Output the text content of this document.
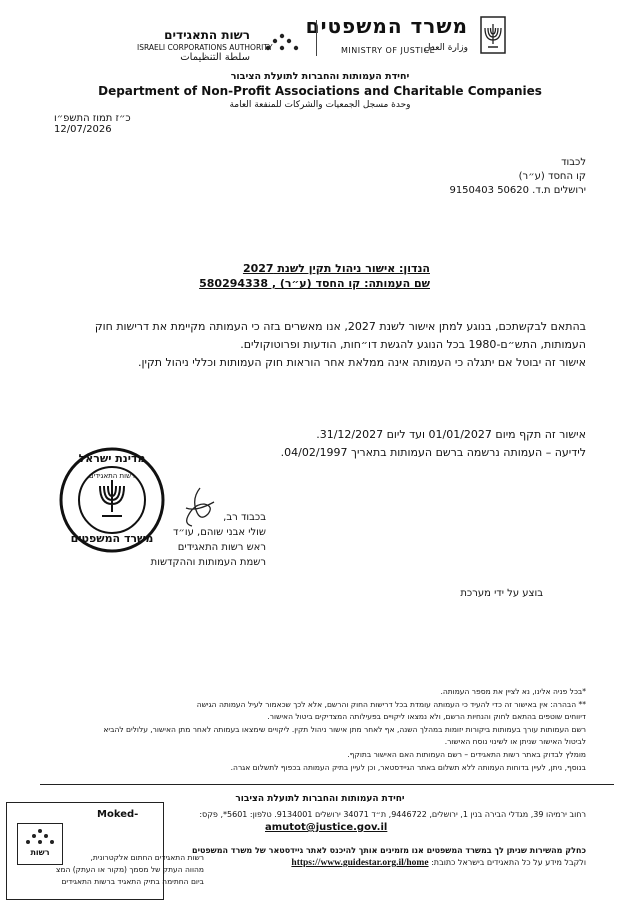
משרד המשפטים
MINISTRY OF JUSTICE
وزارة العدل
רשות התאגידים
ISRAELI CORPORATIONS AUTHORITY
سلطة التنظيمات
יחידת העמותות והחברות לתועלת הציבור
Department of Non-Profit Associations and Charitable Companies
وحدة مسجل الجمعيات والشركات للمنفعة العامة
כ״ז תמוז התשפ״ו
12/07/2026
לכבוד
קו החסד (ע״ר)
ירושלים ת.ד. 50620 9150403
הנדון: אישור ניהול תקין לשנת 2027
שם העמותה: קו החסד (ע״ר) , 580294338
בהתאם לבקשתכם, בנוגע למתן אישור לשנת 2027, אנו מאשרים בזה כי העמותה מקיימת את דרישות חוק העמותות, התש״ם-1980 בכל הנוגע להגשת דו״חות, הודעות ופרוטוקולים.
אישור זה יבוטל אם יתגלה כי העמותה אינה ממלאת אחר הוראות חוק העמותות וכללי ניהול תקין.
אישור זה תקף מיום 01/01/2027 ועד ליום 31/12/2027.
לידיעה – העמותה נרשמה ברשם העמותות בתאריך 04/02/1997.
מדינת ישראל
רשות התאגידים
משרד המשפטים
בכבוד רב,
שולי אבני שוהם, עו״ד
ראש רשות התאגידים
רשמת העמותות וההקדשות
בוצע על ידי מערכת
*בכל פניה אלינו, נא לציין את מספר העמותה.
** הבהרה: אין באישור זה כדי להעיד כי העמותה עומדת בכל דרישות החוק והרשם, אלא לכך שכאמור לעיל העמותה הגישה
דיווחים שוטפים בהתאם לחוק והנחיות הרשם, ולא נמצאו ליקויים בפעילותה המצדיקים ביטול האישור.
רשם העמותות עורך בעמותות ביקורות יזומות במהלך השנה, אף לאחר מתן אישור ניהול תקין. ליקויים שימצאו בעמותה לאחר מתן האישור, עלולים להביא
לביטול האישור שניתן או לשינוי נוסח האישור.
מומלץ לבדוק באתר רשות התאגידים – רשם העמותות האם האישור בתוקף.
בנוסף, ניתן, לעיין בדוחות העמותה ללא תשלום באתר הגיידסטאר, וכן לעיין בתיק העמותה בכפוף לתשלום אגרה.
יחידת העמותות והחברות לתועלת הציבור
רחוב ירמיהו 39, מגדלי הבירה בנין 1, ירושלים, 9446722, ת״ד 34071 ירושלים 9134001. טלפון: 5601*, פקס:
amutot@justice.gov.il
כחלק מהשירות שניתן לך במשרד המשפטים אנו מזמינים אותך להיכנס לאתר גיידסטאר של משרד המשפטים
ולקבל מידע על כל התאגידים בישראל כתובת: https://www.guidestar.org.il/home
Moked-
רשות
רשות התאגידים החתום אלקטרונית,
מהווה העתק של מסמך (מקור או העתק) המצ
ביום החתימה בתיק התאגיד ברשות התאגידים
